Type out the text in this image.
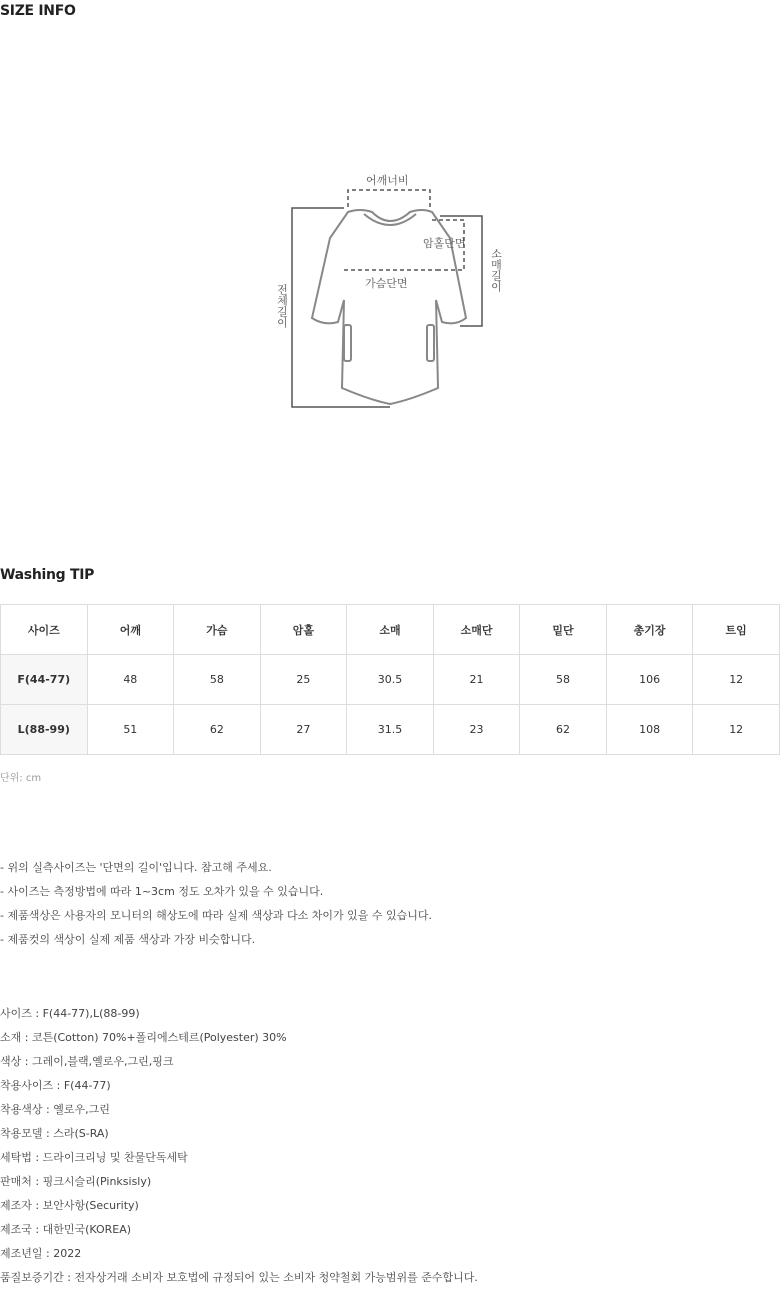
SIZE INFO
어깨너비
암홀단면
가슴단면	소매길이
전체길이
Washing TIP
사이즈	어깨	가슴	암홀	소매	소매단	밑단	총기장	트임
F(44-77)	48	58	25	30.5	21	58	106	12
L(88-99)	51	62	27	31.5	23	62	108	12
단위: cm
- 위의 실측사이즈는 '단면의 길이'입니다. 참고해 주세요.
- 사이즈는 측정방법에 따라 1~3cm 정도 오차가 있을 수 있습니다.
- 제품색상은 사용자의 모니터의 해상도에 따라 실제 색상과 다소 차이가 있을 수 있습니다.
- 제품컷의 색상이 실제 제품 색상과 가장 비슷합니다.
사이즈 : F(44-77),L(88-99)
소재 : 코튼(Cotton) 70%+폴리에스테르(Polyester) 30%
색상 : 그레이,블랙,옐로우,그린,핑크
착용사이즈 : F(44-77)
착용색상 : 옐로우,그린
착용모델 : 스라(S-RA)
세탁법 : 드라이크리닝 및 찬물단독세탁
판매처 : 핑크시슬리(Pinksisly)
제조자 : 보안사항(Security)
제조국 : 대한민국(KOREA)
제조년일 : 2022
품질보증기간 : 전자상거래 소비자 보호법에 규정되어 있는 소비자 청약철회 가능범위를 준수합니다.
